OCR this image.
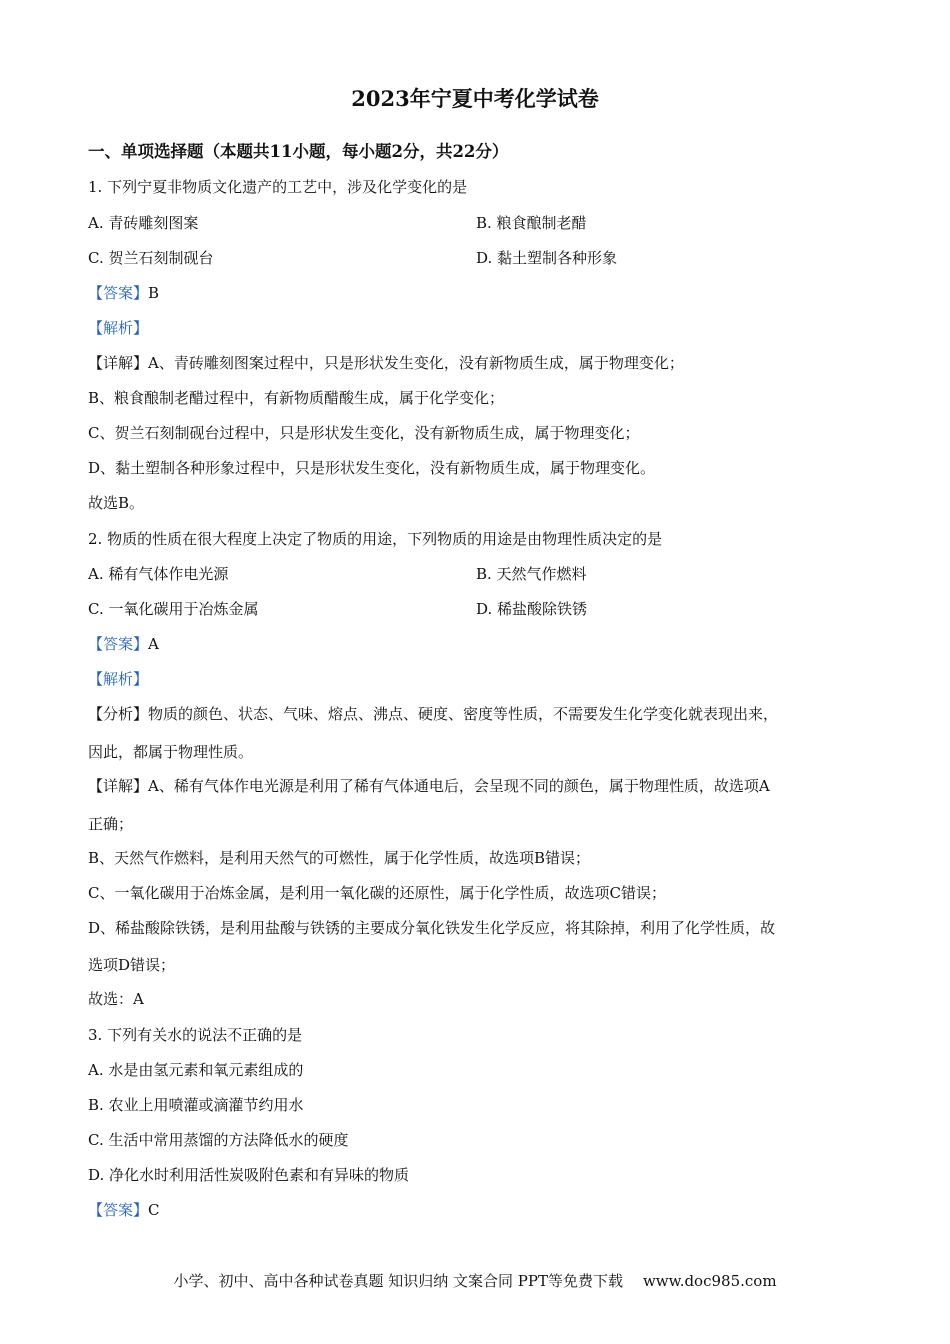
2023年宁夏中考化学试卷
一、单项选择题（本题共11小题，每小题2分，共22分）
1. 下列宁夏非物质文化遗产的工艺中，涉及化学变化的是
A. 青砖雕刻图案	B. 粮食酿制老醋
C. 贺兰石刻制砚台	D. 黏土塑制各种形象
【答案】B
【解析】
【详解】A、青砖雕刻图案过程中，只是形状发生变化，没有新物质生成，属于物理变化；
B、粮食酿制老醋过程中，有新物质醋酸生成，属于化学变化；
C、贺兰石刻制砚台过程中，只是形状发生变化，没有新物质生成，属于物理变化；
D、黏土塑制各种形象过程中，只是形状发生变化，没有新物质生成，属于物理变化。
故选B。
2. 物质的性质在很大程度上决定了物质的用途，下列物质的用途是由物理性质决定的是
A. 稀有气体作电光源	B. 天然气作燃料
C. 一氧化碳用于冶炼金属	D. 稀盐酸除铁锈
【答案】A
【解析】
【分析】物质的颜色、状态、气味、熔点、沸点、硬度、密度等性质，不需要发生化学变化就表现出来，
因此，都属于物理性质。
【详解】A、稀有气体作电光源是利用了稀有气体通电后，会呈现不同的颜色，属于物理性质，故选项A
正确；
B、天然气作燃料，是利用天然气的可燃性，属于化学性质，故选项B错误；
C、一氧化碳用于冶炼金属，是利用一氧化碳的还原性，属于化学性质，故选项C错误；
D、稀盐酸除铁锈，是利用盐酸与铁锈的主要成分氧化铁发生化学反应，将其除掉，利用了化学性质，故
选项D错误；
故选：A
3. 下列有关水的说法不正确的是
A. 水是由氢元素和氧元素组成的
B. 农业上用喷灌或滴灌节约用水
C. 生活中常用蒸馏的方法降低水的硬度
D. 净化水时利用活性炭吸附色素和有异味的物质
【答案】C
小学、初中、高中各种试卷真题 知识归纳 文案合同 PPT等免费下载 www.doc985.com
